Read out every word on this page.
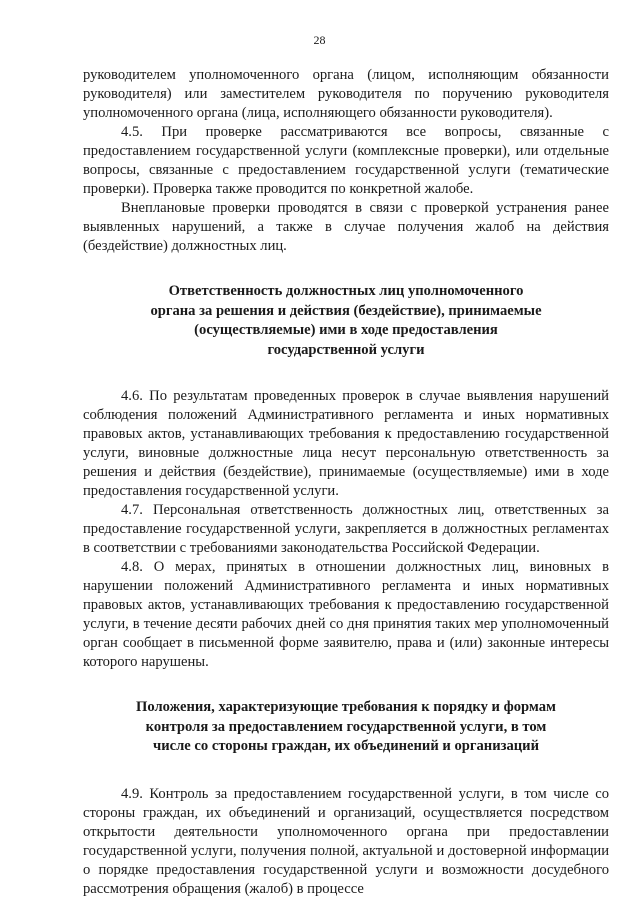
28

руководителем уполномоченного органа (лицом, исполняющим обязанности руководителя) или заместителем руководителя по поручению руководителя уполномоченного органа (лица, исполняющего обязанности руководителя).

4.5. При проверке рассматриваются все вопросы, связанные с предоставлением государственной услуги (комплексные проверки), или отдельные вопросы, связанные с предоставлением государственной услуги (тематические проверки). Проверка также проводится по конкретной жалобе.

Внеплановые проверки проводятся в связи с проверкой устранения ранее выявленных нарушений, а также в случае получения жалоб на действия (бездействие) должностных лиц.

Ответственность должностных лиц уполномоченного
органа за решения и действия (бездействие), принимаемые
(осуществляемые) ими в ходе предоставления
государственной услуги

4.6. По результатам проведенных проверок в случае выявления нарушений соблюдения положений Административного регламента и иных нормативных правовых актов, устанавливающих требования к предоставлению государственной услуги, виновные должностные лица несут персональную ответственность за решения и действия (бездействие), принимаемые (осуществляемые) ими в ходе предоставления государственной услуги.

4.7. Персональная ответственность должностных лиц, ответственных за предоставление государственной услуги, закрепляется в должностных регламентах в соответствии с требованиями законодательства Российской Федерации.

4.8. О мерах, принятых в отношении должностных лиц, виновных в нарушении положений Административного регламента и иных нормативных правовых актов, устанавливающих требования к предоставлению государственной услуги, в течение десяти рабочих дней со дня принятия таких мер уполномоченный орган сообщает в письменной форме заявителю, права и (или) законные интересы которого нарушены.

Положения, характеризующие требования к порядку и формам
контроля за предоставлением государственной услуги, в том
числе со стороны граждан, их объединений и организаций

4.9. Контроль за предоставлением государственной услуги, в том числе со стороны граждан, их объединений и организаций, осуществляется посредством открытости деятельности уполномоченного органа при предоставлении государственной услуги, получения полной, актуальной и достоверной информации о порядке предоставления государственной услуги и возможности досудебного рассмотрения обращения (жалоб) в процессе
